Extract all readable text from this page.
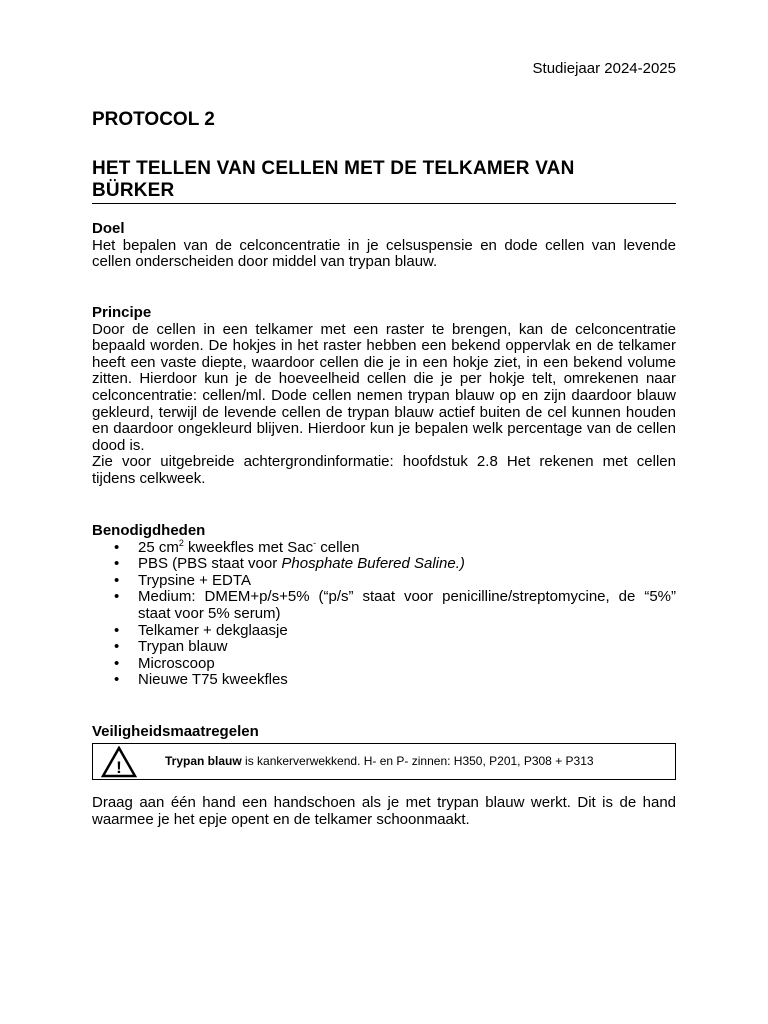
Studiejaar 2024-2025
PROTOCOL 2
HET TELLEN VAN CELLEN MET DE TELKAMER VAN
BÜRKER
Doel

Het bepalen van de celconcentratie in je celsuspensie en dode cellen van levende cellen onderscheiden door middel van trypan blauw.

Principe

Door de cellen in een telkamer met een raster te brengen, kan de celconcentratie bepaald worden. De hokjes in het raster hebben een bekend oppervlak en de telkamer heeft een vaste diepte, waardoor cellen die je in een hokje ziet, in een bekend volume zitten. Hierdoor kun je de hoeveelheid cellen die je per hokje telt, omrekenen naar celconcentratie: cellen/ml. Dode cellen nemen trypan blauw op en zijn daardoor blauw gekleurd, terwijl de levende cellen de trypan blauw actief buiten de cel kunnen houden en daardoor ongekleurd blijven. Hierdoor kun je bepalen welk percentage van de cellen dood is.

Zie voor uitgebreide achtergrondinformatie: hoofdstuk 2.8 Het rekenen met cellen tijdens celkweek.

Benodigdheden
• 25 $cm^2$ kweekfles met Sac- cellen
• PBS (PBS staat voor Phosphate Bufered Saline.)
• Trypsine + EDTA
• Medium: DMEM+p/s+5% (“p/s” staat voor penicilline/streptomycine, de “5%” staat voor 5% serum)
• Telkamer + dekglaasje
• Trypan blauw
• Microscoop
• Nieuwe T75 kweekfles
Veiligheidsmaatregelen
!	Trypan blauw is kankerverwekkend. H- en P- zinnen: H350, P201, P308 + P313

Draag aan één hand een handschoen als je met trypan blauw werkt. Dit is de hand waarmee je het epje opent en de telkamer schoonmaakt.
